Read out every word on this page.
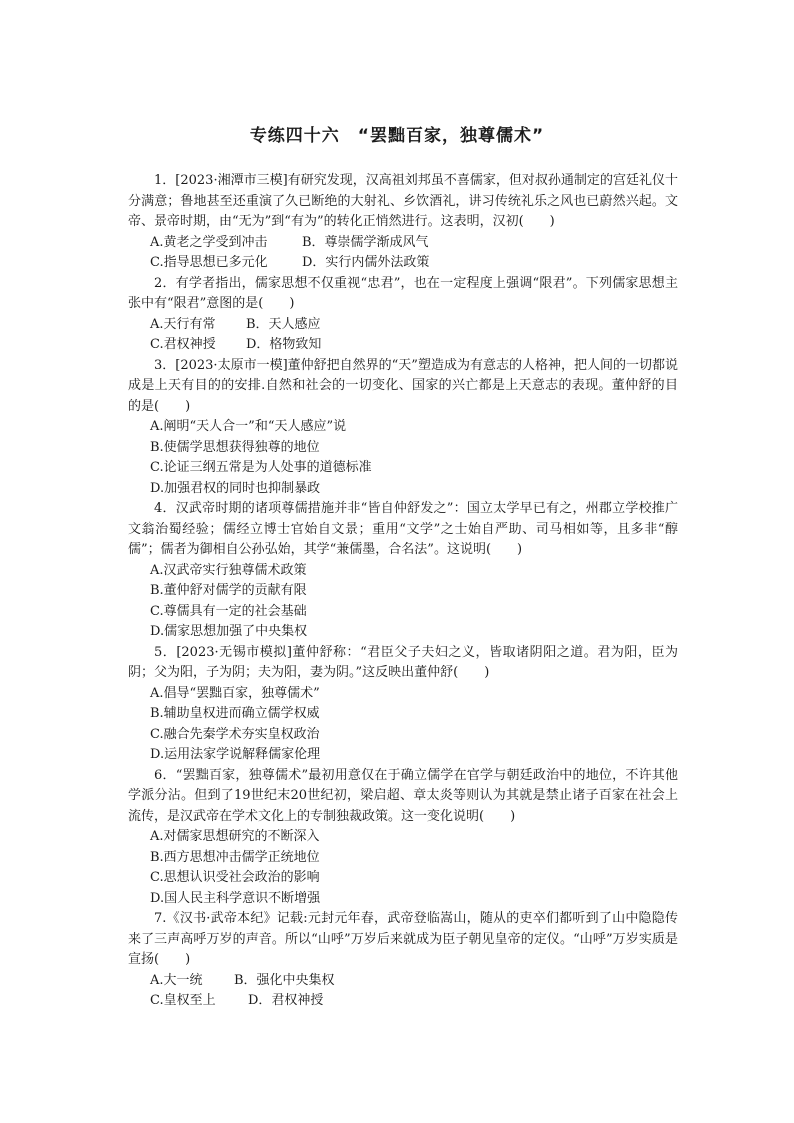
专练四十六　“罢黜百家，独尊儒术”

1．[2023·湘潭市三模]有研究发现，汉高祖刘邦虽不喜儒家，但对叔孙通制定的宫廷礼仪十分满意；鲁地甚至还重演了久已断绝的大射礼、乡饮酒礼，讲习传统礼乐之风也已蔚然兴起。文帝、景帝时期，由“无为”到“有为”的转化正悄然进行。这表明，汉初(　　)

A.黄老之学受到冲击	B．尊崇儒学渐成风气
C.指导思想已多元化	D．实行内儒外法政策

2．有学者指出，儒家思想不仅重视“忠君”，也在一定程度上强调“限君”。下列儒家思想主张中有“限君”意图的是(　　)

A.天行有常	B．天人感应
C.君权神授	D．格物致知

3．[2023·太原市一模]董仲舒把自然界的“天”塑造成为有意志的人格神，把人间的一切都说成是上天有目的的安排.自然和社会的一切变化、国家的兴亡都是上天意志的表现。董仲舒的目的是(　　)

A.阐明“天人合一”和“天人感应”说
B.使儒学思想获得独尊的地位
C.论证三纲五常是为人处事的道德标准
D.加强君权的同时也抑制暴政

4．汉武帝时期的诸项尊儒措施并非“皆自仲舒发之”：国立太学早已有之，州郡立学校推广文翁治蜀经验；儒经立博士官始自文景；重用“文学”之士始自严助、司马相如等，且多非“醇儒”；儒者为御相自公孙弘始，其学“兼儒墨，合名法”。这说明(　　)

A.汉武帝实行独尊儒术政策
B.董仲舒对儒学的贡献有限
C.尊儒具有一定的社会基础
D.儒家思想加强了中央集权

5．[2023·无锡市模拟]董仲舒称：“君臣父子夫妇之义，皆取诸阴阳之道。君为阳，臣为阴；父为阳，子为阴；夫为阳，妻为阴。”这反映出董仲舒(　　)

A.倡导“罢黜百家，独尊儒术”
B.辅助皇权进而确立儒学权威
C.融合先秦学术夯实皇权政治
D.运用法家学说解释儒家伦理

6．“罢黜百家，独尊儒术”最初用意仅在于确立儒学在官学与朝廷政治中的地位，不许其他学派分沾。但到了19世纪末20世纪初，梁启超、章太炎等则认为其就是禁止诸子百家在社会上流传，是汉武帝在学术文化上的专制独裁政策。这一变化说明(　　)

A.对儒家思想研究的不断深入
B.西方思想冲击儒学正统地位
C.思想认识受社会政治的影响
D.国人民主科学意识不断增强

7.《汉书·武帝本纪》记载:元封元年春，武帝登临嵩山，随从的吏卒们都听到了山中隐隐传来了三声高呼万岁的声音。所以“山呼”万岁后来就成为臣子朝见皇帝的定仪。“山呼”万岁实质是宣扬(　　)

A.大一统	B．强化中央集权
C.皇权至上	D．君权神授
